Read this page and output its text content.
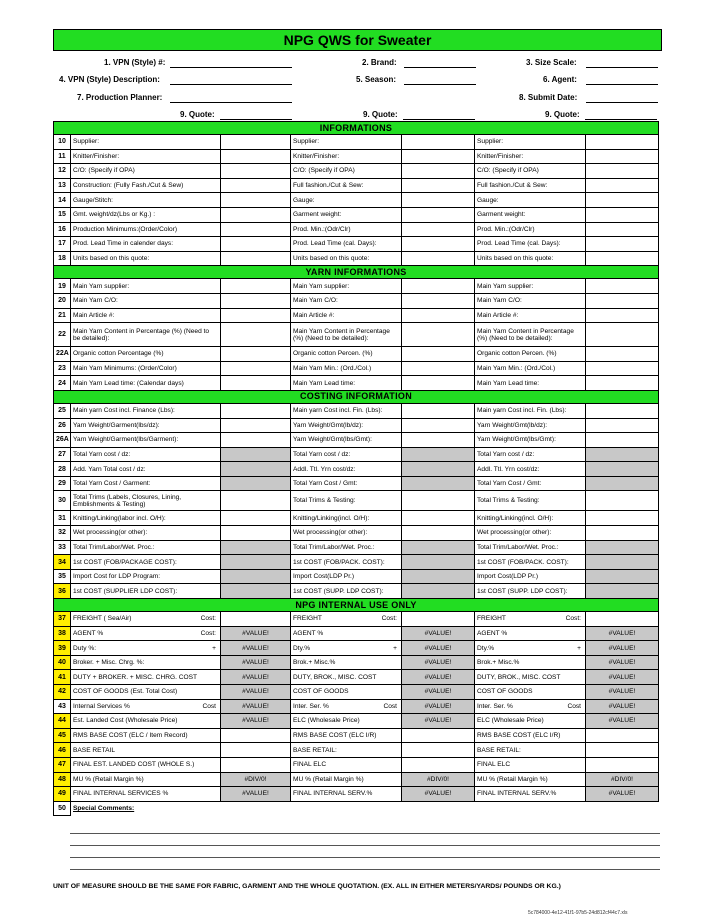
NPG QWS for Sweater
1. VPN (Style) #:	2. Brand:	3. Size Scale:
4. VPN (Style) Description:	5. Season:	6. Agent:
7. Production Planner:	8. Submit Date:
9. Quote:	9. Quote:	9. Quote:
INFORMATIONS						
10	Supplier:		Supplier:		Supplier:	
11	Knitter/Finisher:		Knitter/Finisher:		Knitter/Finisher:	
12	C/O: (Specify if OPA)		C/O: (Specify if OPA)		C/O: (Specify if OPA)	
13	Construction: (Fully Fash./Cut & Sew)		Full fashion./Cut & Sew:		Full fashion./Cut & Sew:	
14	Gauge/Stitch:		Gauge:		Gauge:	
15	Gmt. weight/dz(Lbs or Kg.) :		Garment weight:		Garment weight:	
16	Production Minimums:(Order/Color)		Prod. Min.:(Odr/Clr)		Prod. Min.:(Odr/Clr)	
17	Prod. Lead Time in calender days:		Prod. Lead Time (cal. Days):		Prod. Lead Time (cal. Days):	
18	Units based on this quote:		Units based on this quote:		Units based on this quote:	
YARN INFORMATIONS						
19	Main Yarn supplier:		Main Yarn supplier:		Main Yarn supplier:	
20	Main Yarn C/O:		Main Yarn C/O:		Main Yarn C/O:	
21	Main Article #:		Main Article #:		Main Article #:	
22	Main Yarn Content in Percentage (%) (Need to be detailed):		Main Yarn Content in Percentage (%) (Need to be detailed):		Main Yarn Content in Percentage (%) (Need to be detailed):	
22A	Organic cotton Percentage (%)		Organic cotton Percen. (%)		Organic cotton Percen. (%)	
23	Main Yarn Minimums: (Order/Color)		Main Yarn Min.: (Ord./Col.)		Main Yarn Min.: (Ord./Col.)	
24	Main Yarn Lead time: (Calendar days)		Main Yarn Lead time:		Main Yarn Lead time:	
COSTING INFORMATION						
25	Main yarn Cost incl. Finance (Lbs):		Main yarn Cost incl. Fin. (Lbs):		Main yarn Cost incl. Fin. (Lbs):	
26	Yarn Weight/Garment(lbs/dz):		Yarn Weight/Gmt(lb/dz):		Yarn Weight/Gmt(lb/dz):	
26A	Yarn Weight/Garment(lbs/Garment):		Yarn Weight/Gmt(lbs/Gmt):		Yarn Weight/Gmt(lbs/Gmt):	
27	Total Yarn cost / dz:		Total Yarn cost / dz:		Total Yarn cost / dz:	
28	Add. Yarn Total cost / dz:		Addl. Ttl. Yrn cost/dz:		Addl. Ttl. Yrn cost/dz:	
29	Total Yarn Cost / Garment:		Total Yarn Cost / Gmt:		Total Yarn Cost / Gmt:	
30	Total Trims (Labels, Closures, Lining, Emblishments & Testing)		Total Trims & Testing:		Total Trims & Testing:	
31	Knitting/Linking(labor incl. O/H):		Knitting/Linking(incl. O/H):		Knitting/Linking(incl. O/H):	
32	Wet processing(or other):		Wet processing(or other):		Wet processing(or other):	
33	Total Trim/Labor/Wet. Proc.:		Total Trim/Labor/Wet. Proc.:		Total Trim/Labor/Wet. Proc.:	
34	1st COST (FOB/PACKAGE COST):		1st COST (FOB/PACK. COST):		1st COST (FOB/PACK. COST):	
35	Import Cost for LDP Program:		Import Cost(LDP Pr.)		Import Cost(LDP Pr.)	
36	1st COST (SUPPLIER LDP COST):		1st COST (SUPP. LDP COST):		1st COST (SUPP. LDP COST):	
NPG INTERNAL USE ONLY						
37	FREIGHT ( Sea/Air) Cost:		FREIGHT Cost:		FREIGHT Cost:	

38	AGENT % Cost:	#VALUE!	AGENT %	#VALUE!	AGENT %	#VALUE!
39	Duty %: +	#VALUE!	Dty.% +	#VALUE!	Dty.% +	#VALUE!
40	Broker. + Misc. Chrg. %:	#VALUE!	Brok.+ Misc.%	#VALUE!	Brok.+ Misc.%	#VALUE!
41	DUTY + BROKER. + MISC. CHRG. COST	#VALUE!	DUTY, BROK., MISC. COST	#VALUE!	DUTY, BROK., MISC. COST	#VALUE!
42	COST OF GOODS (Est. Total Cost)	#VALUE!	COST OF GOODS	#VALUE!	COST OF GOODS	#VALUE!
43	Internal Services % Cost	#VALUE!	Inter. Ser. % Cost	#VALUE!	Inter. Ser. % Cost	#VALUE!
44	Est. Landed Cost (Wholesale Price)	#VALUE!	ELC (Wholesale Price)	#VALUE!	ELC (Wholesale Price)	#VALUE!
45	RMS BASE COST (ELC / Item Record)		RMS BASE COST (ELC I/R)		RMS BASE COST (ELC I/R)	

46	BASE RETAIL		BASE RETAIL:		BASE RETAIL:	

47	FINAL EST. LANDED COST (WHOLE S.)		FINAL ELC		FINAL ELC	

48	MU % (Retail Margin %)	#DIV/0!	MU % (Retail Margin %)	#DIV/0!	MU % (Retail Margin %)	#DIV/0!
49	FINAL INTERNAL SERVICES %	#VALUE!	FINAL INTERNAL SERV.%	#VALUE!	FINAL INTERNAL SERV.%	#VALUE!
50	Special Comments:					
UNIT OF MEASURE SHOULD BE THE SAME FOR FABRIC, GARMENT AND THE WHOLE QUOTATION. (EX. ALL IN EITHER METERS/YARDS/ POUNDS OR KG.)
5c784000-4e12-41f1-97b5-24d812cf44c7.xls
